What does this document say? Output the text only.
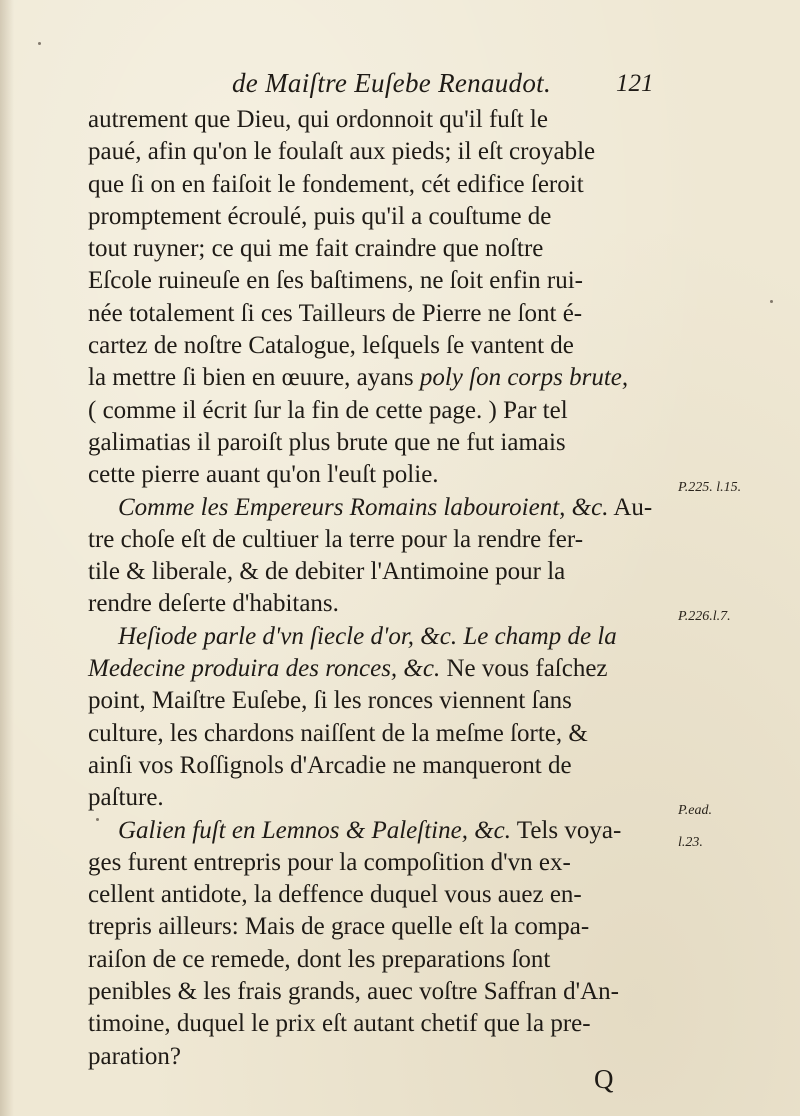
de Maiſtre Euſebe Renaudot.	121
autrement que Dieu, qui ordonnoit qu'il fuſt le
paué, afin qu'on le foulaſt aux pieds; il eſt croyable
que ſi on en faiſoit le fondement, cét edifice ſeroit
promptement écroulé, puis qu'il a couſtume de
tout ruyner; ce qui me fait craindre que noſtre
Eſcole ruineuſe en ſes baſtimens, ne ſoit enfin rui-
née totalement ſi ces Tailleurs de Pierre ne ſont é-
cartez de noſtre Catalogue, leſquels ſe vantent de
la mettre ſi bien en œuure, ayans poly ſon corps brute,
( comme il écrit ſur la fin de cette page. ) Par tel
galimatias il paroiſt plus brute que ne fut iamais
cette pierre auant qu'on l'euſt polie.
Comme les Empereurs Romains labouroient, &c. Au-
tre choſe eſt de cultiuer la terre pour la rendre fer-
tile & liberale, & de debiter l'Antimoine pour la
rendre deſerte d'habitans.
Heſiode parle d'vn ſiecle d'or, &c. Le champ de la
Medecine produira des ronces, &c. Ne vous faſchez
point, Maiſtre Euſebe, ſi les ronces viennent ſans
culture, les chardons naiſſent de la meſme ſorte, &
ainſi vos Roſſignols d'Arcadie ne manqueront de
paſture.
Galien fuſt en Lemnos & Paleſtine, &c. Tels voya-
ges furent entrepris pour la compoſition d'vn ex-
cellent antidote, la deffence duquel vous auez en-
trepris ailleurs: Mais de grace quelle eſt la compa-
raiſon de ce remede, dont les preparations ſont
penibles & les frais grands, auec voſtre Saffran d'An-
timoine, duquel le prix eſt autant chetif que la pre-
paration?
P.225. l.15.
P.226.l.7.
P.ead.
l.23.
Q
